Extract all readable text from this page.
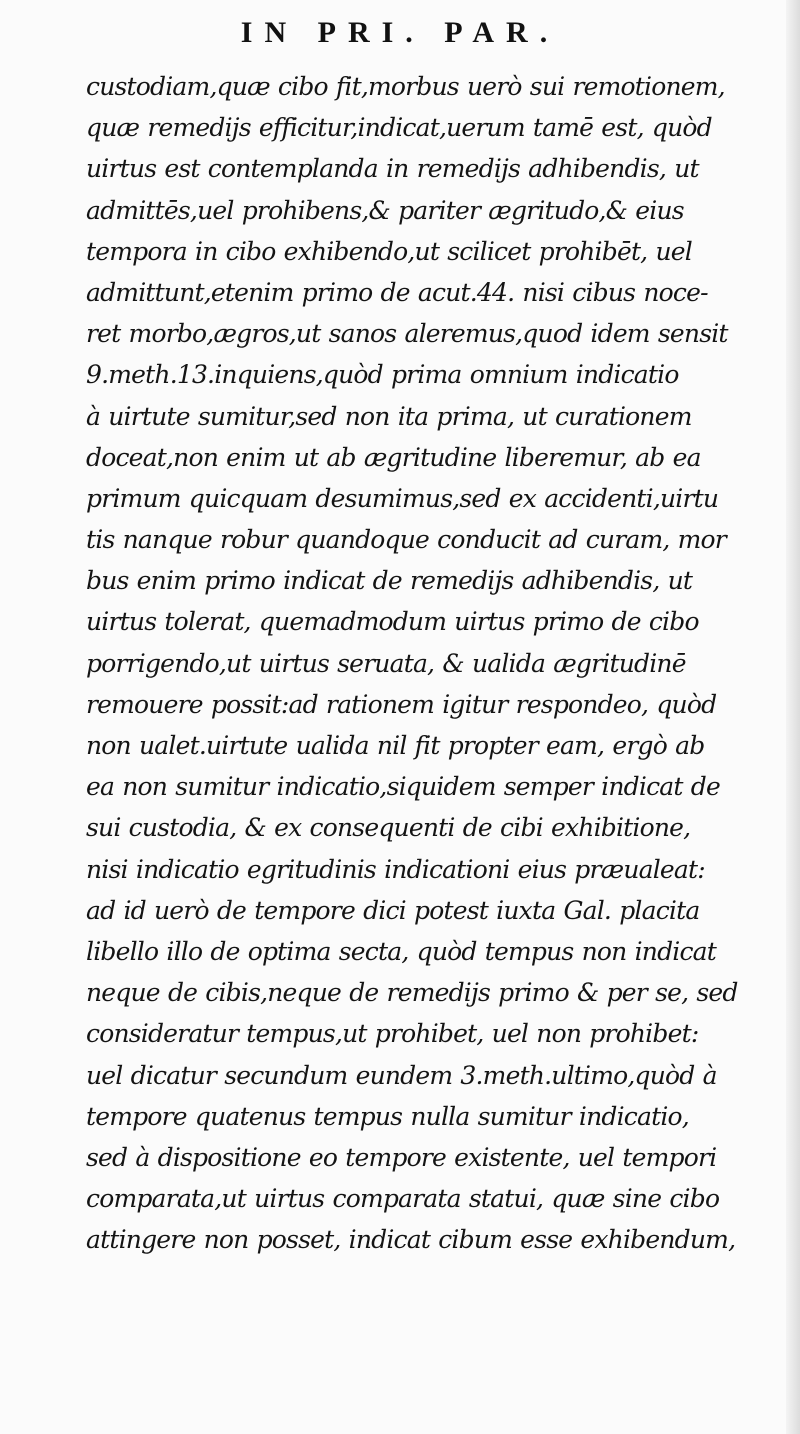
IN PRI. PAR.
custodiam,quæ cibo fit,morbus uerò sui remotionem,
quæ remedijs efficitur,indicat,uerum tamē est, quòd
uirtus est contemplanda in remedijs adhibendis, ut
admittēs,uel prohibens,& pariter ægritudo,& eius
tempora in cibo exhibendo,ut scilicet prohibēt, uel
admittunt,etenim primo de acut.44. nisi cibus noce-
ret morbo,ægros,ut sanos aleremus,quod idem sensit
9.meth.13.inquiens,quòd prima omnium indicatio
à uirtute sumitur,sed non ita prima, ut curationem
doceat,non enim ut ab ægritudine liberemur, ab ea
primum quicquam desumimus,sed ex accidenti,uirtu
tis nanque robur quandoque conducit ad curam, mor
bus enim primo indicat de remedijs adhibendis, ut
uirtus tolerat, quemadmodum uirtus primo de cibo
porrigendo,ut uirtus seruata, & ualida ægritudinē
remouere possit:ad rationem igitur respondeo, quòd
non ualet.uirtute ualida nil fit propter eam, ergò ab
ea non sumitur indicatio,siquidem semper indicat de
sui custodia, & ex consequenti de cibi exhibitione,
nisi indicatio egritudinis indicationi eius præualeat:
ad id uerò de tempore dici potest iuxta Gal. placita
libello illo de optima secta, quòd tempus non indicat
neque de cibis,neque de remedijs primo & per se, sed
consideratur tempus,ut prohibet, uel non prohibet:
uel dicatur secundum eundem 3.meth.ultimo,quòd à
tempore quatenus tempus nulla sumitur indicatio,
sed à dispositione eo tempore existente, uel tempori
comparata,ut uirtus comparata statui, quæ sine cibo
attingere non posset, indicat cibum esse exhibendum,
